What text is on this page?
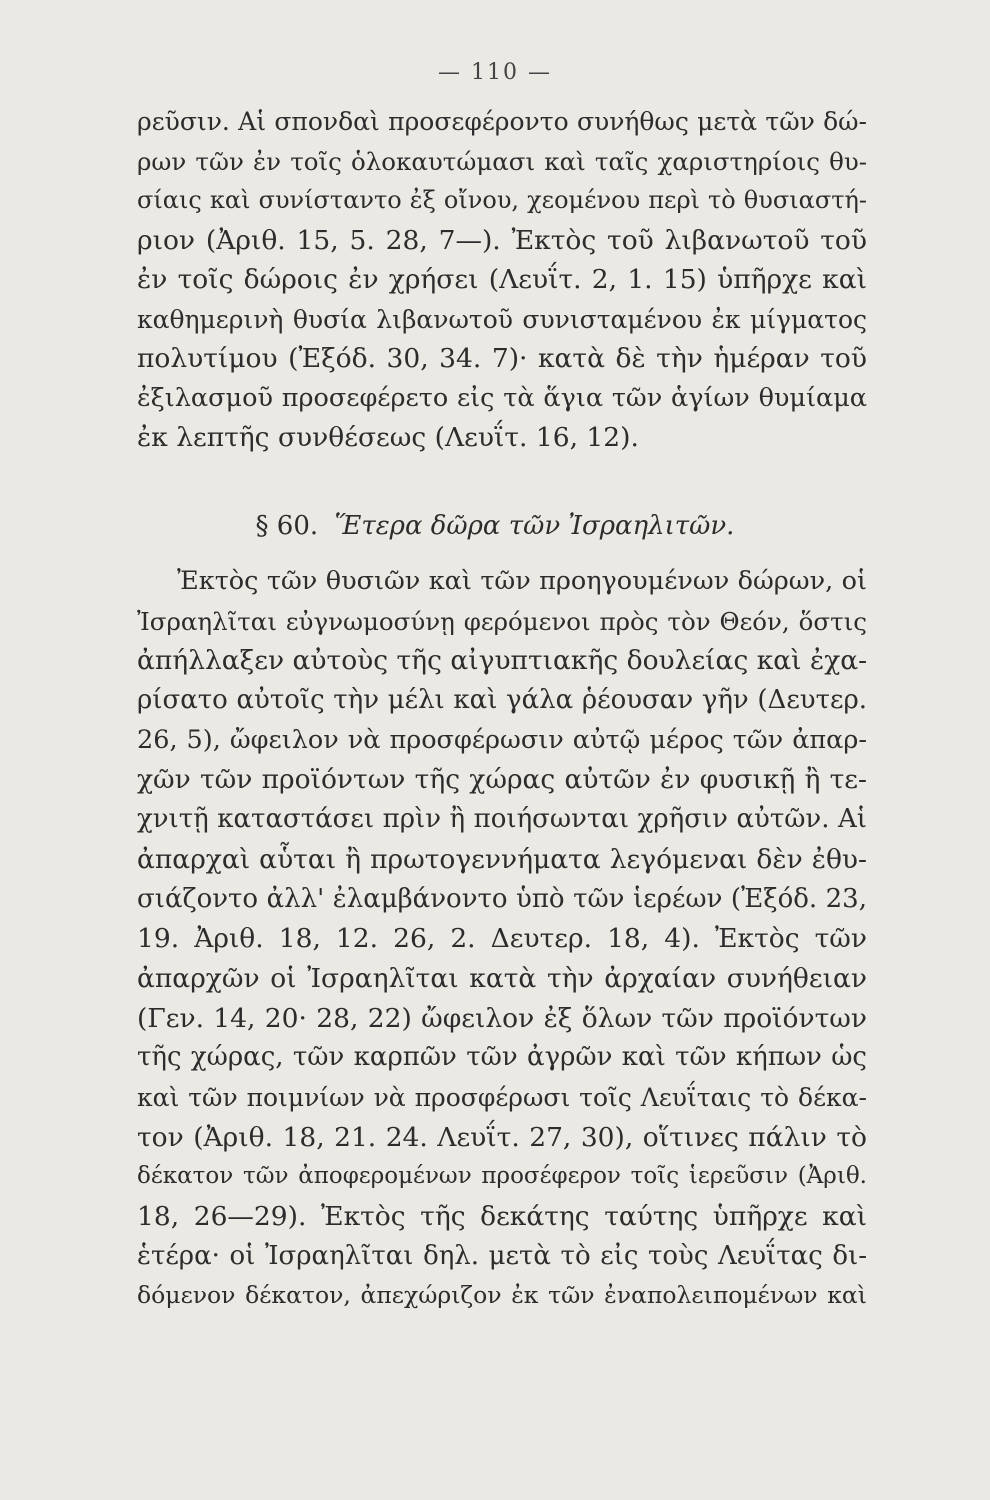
— 110 —
ρεῦσιν. Αἱ σπονδαὶ προσεφέροντο συνήθως μετὰ τῶν δώ-
ρων τῶν ἐν τοῖς ὁλοκαυτώμασι καὶ ταῖς χαριστηρίοις θυ-
σίαις καὶ συνίσταντο ἐξ οἴνου, χεομένου περὶ τὸ θυσιαστή-
ριον (Ἀριθ. 15, 5. 28, 7—). Ἐκτὸς τοῦ λιβανωτοῦ τοῦ
ἐν τοῖς δώροις ἐν χρήσει (Λευΐτ. 2, 1. 15) ὑπῆρχε καὶ
καθημερινὴ θυσία λιβανωτοῦ συνισταμένου ἐκ μίγματος
πολυτίμου (Ἐξόδ. 30, 34. 7)· κατὰ δὲ τὴν ἡμέραν τοῦ
ἐξιλασμοῦ προσεφέρετο εἰς τὰ ἅγια τῶν ἁγίων θυμίαμα
ἐκ λεπτῆς συνθέσεως (Λευΐτ. 16, 12).
§ 60. Ἕτερα δῶρα τῶν Ἰσραηλιτῶν.
Ἐκτὸς τῶν θυσιῶν καὶ τῶν προηγουμένων δώρων, οἱ
Ἰσραηλῖται εὐγνωμοσύνῃ φερόμενοι πρὸς τὸν Θεόν, ὅστις
ἀπήλλαξεν αὐτοὺς τῆς αἰγυπτιακῆς δουλείας καὶ ἐχα-
ρίσατο αὐτοῖς τὴν μέλι καὶ γάλα ῥέουσαν γῆν (Δευτερ.
26, 5), ὤφειλον νὰ προσφέρωσιν αὐτῷ μέρος τῶν ἀπαρ-
χῶν τῶν προϊόντων τῆς χώρας αὐτῶν ἐν φυσικῇ ἢ τε-
χνιτῇ καταστάσει πρὶν ἢ ποιήσωνται χρῆσιν αὐτῶν. Αἱ
ἀπαρχαὶ αὗται ἢ πρωτογεννήματα λεγόμεναι δὲν ἐθυ-
σιάζοντο ἀλλ' ἐλαμβάνοντο ὑπὸ τῶν ἱερέων (Ἐξόδ. 23,
19. Ἀριθ. 18, 12. 26, 2. Δευτερ. 18, 4). Ἐκτὸς τῶν
ἀπαρχῶν οἱ Ἰσραηλῖται κατὰ τὴν ἀρχαίαν συνήθειαν
(Γεν. 14, 20· 28, 22) ὤφειλον ἐξ ὅλων τῶν προϊόντων
τῆς χώρας, τῶν καρπῶν τῶν ἀγρῶν καὶ τῶν κήπων ὡς
καὶ τῶν ποιμνίων νὰ προσφέρωσι τοῖς Λευΐταις τὸ δέκα-
τον (Ἀριθ. 18, 21. 24. Λευΐτ. 27, 30), οἵτινες πάλιν τὸ
δέκατον τῶν ἀποφερομένων προσέφερον τοῖς ἱερεῦσιν (Ἀριθ.
18, 26—29). Ἐκτὸς τῆς δεκάτης ταύτης ὑπῆρχε καὶ
ἑτέρα· οἱ Ἰσραηλῖται δηλ. μετὰ τὸ εἰς τοὺς Λευΐτας δι-
δόμενον δέκατον, ἀπεχώριζον ἐκ τῶν ἐναπολειπομένων καὶ
